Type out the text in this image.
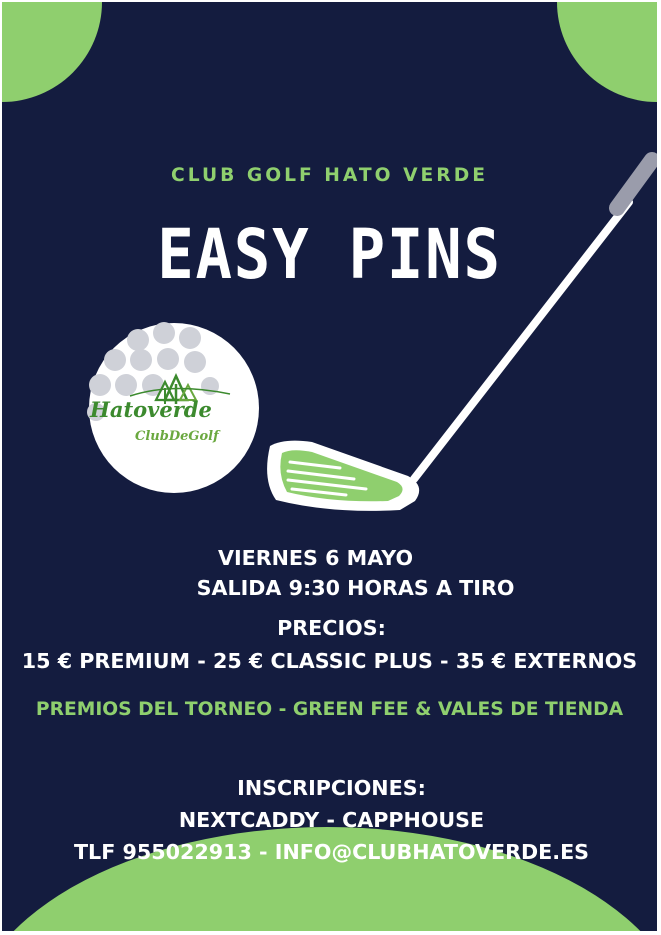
Hatoverde
ClubDeGolf

CLUB GOLF HATO VERDE

EASY PINS

VIERNES 6 MAYO

SALIDA 9:30 HORAS A TIRO

PRECIOS:

15 € PREMIUM - 25 € CLASSIC PLUS - 35 € EXTERNOS

PREMIOS DEL TORNEO - GREEN FEE & VALES DE TIENDA

INSCRIPCIONES:

NEXTCADDY - CAPPHOUSE

TLF 955022913 - INFO@CLUBHATOVERDE.ES
